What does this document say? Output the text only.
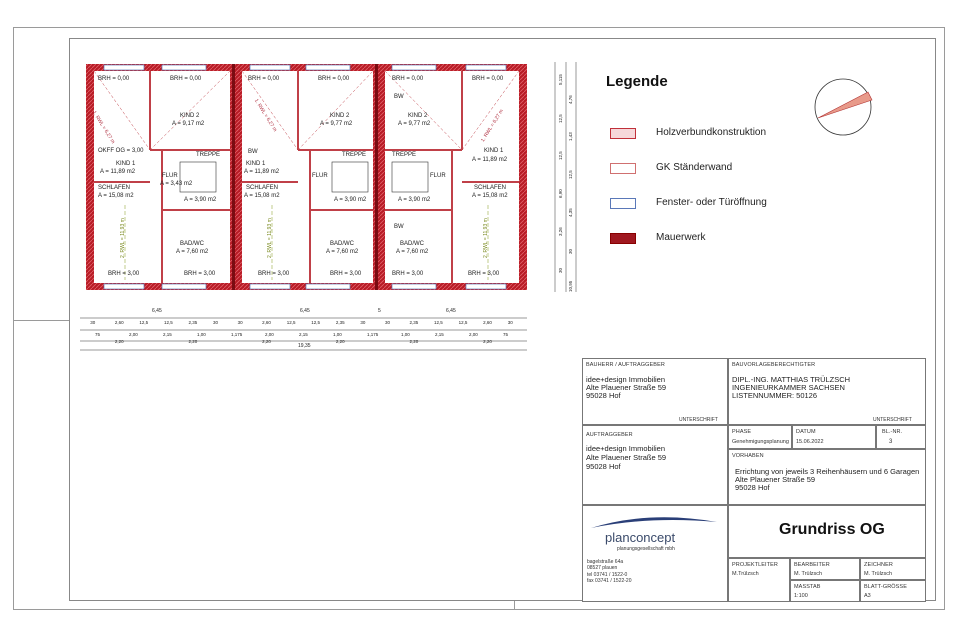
BRH = 0,00	BRH = 0,00	BRH = 0,00	BRH = 0,00	BRH = 0,00	BRH = 0,00
BRH = 3,00	BRH = 3,00	BRH = 3,00	BRH = 3,00	BRH = 3,00	BRH = 3,00
KIND 2
A = 9,17 m2
OKFF OG = 3,00
KIND 1
A = 11,89 m2
TREPPE
FLUR
A = 3,43 m2
SCHLAFEN
A = 15,08 m2
A = 3,90 m2
BAD/WC
A = 7,60 m2
BW
KIND 2
A = 9,77 m2
KIND 1
A = 11,89 m2
TREPPE
FLUR
SCHLAFEN
A = 15,08 m2
A = 3,90 m2
BAD/WC
A = 7,60 m2
BW
KIND 2
A = 9,77 m2
TREPPE
KIND 1
A = 11,89 m2
FLUR
SCHLAFEN
A = 15,08 m2
A = 3,90 m2
BW
BAD/WC
A = 7,60 m2
1. RWL = 6,27 m	1. RWL = 6,27 m	1. RWL = 6,27 m
2. RWL = 11,93 m	2. RWL = 11,93 m	2. RWL = 11,93 m
6,45	6,45	5	6,45
19,35
30	2,60	12,5	12,5	2,35	30	30	2,60	12,5	12,5	2,35	30	30	2,35	12,5	12,5	2,60	30
75	2,00	2,15	1,00	1,175	2,00	2,15	1,00	1,175	1,00	2,15	2,00	75
2,20	2,20	2,20	2,20	2,20	2,20
5,115
4,76
12,5
1,43
12,5
12,5
6,90
4,35
3,26
30
30
10,95
Legende
Holzverbundkonstruktion
GK Ständerwand
Fenster- oder Türöffnung
Mauerwerk
BAUHERR / AUFTRAGGEBER
idee+design Immobilien
Alte Plauener Straße 59
95028 Hof
UNTERSCHRIFT
BAUVORLAGEBERECHTIGTER
DIPL.-ING. MATTHIAS TRÜLZSCH
INGENIEURKAMMER SACHSEN
LISTENNUMMER: 50126
UNTERSCHRIFT
AUFTRAGGEBER
idee+design Immobilien
Alte Plauener Straße 59
95028 Hof
PHASE
Genehmigungsplanung
DATUM
15.06.2022
BL.-NR.
3
VORHABEN
Errichtung von jeweils 3 Reihenhäusern und 6 Garagen
Alte Plauener Straße 59
95028 Hof
planconcept
planungsgesellschaft mbh
bagelstraße 64a
08527 plauen
tel 03741 / 1522-0
fax 03741 / 1522-20
Grundriss OG
PROJEKTLEITER
M.Trülzsch
BEARBEITER
M. Trülzsch
ZEICHNER
M. Trülzsch
MASSTAB
1:100
BLATT-GRÖSSE
A3
